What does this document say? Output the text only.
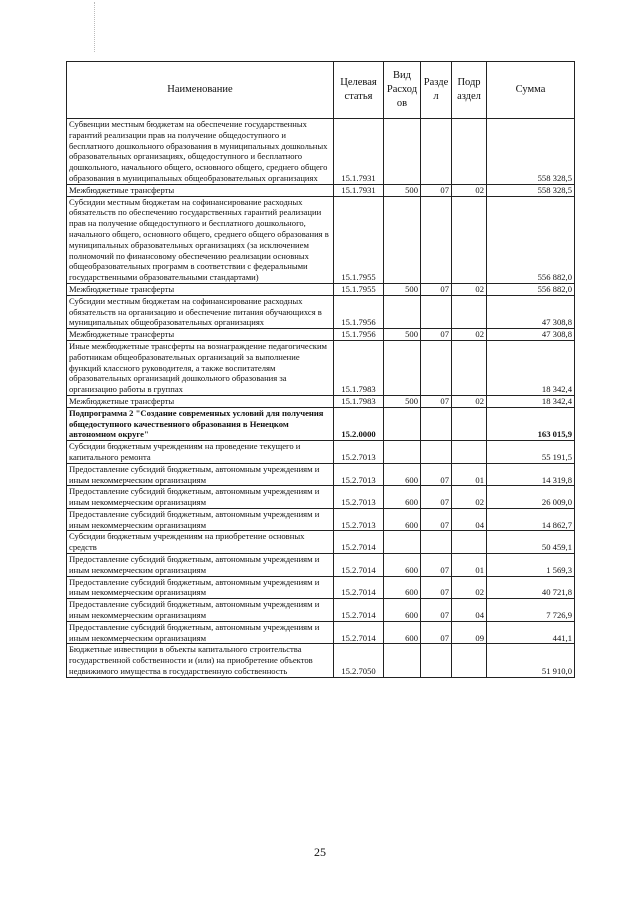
Наименование	Целевая статья	Вид Расход ов	Разде л	Подр аздел	Сумма
Субвенции местным бюджетам на обеспечение государственных гарантий реализации прав на получение общедоступного и бесплатного дошкольного образования в муниципальных дошкольных образовательных организациях, общедоступного и бесплатного дошкольного, начального общего, основного общего, среднего общего образования в муниципальных общеобразовательных организациях	15.1.7931				558 328,5
Межбюджетные трансферты	15.1.7931	500	07	02	558 328,5
Субсидии местным бюджетам на софинансирование расходных обязательств по обеспечению государственных гарантий реализации прав на получение общедоступного и бесплатного дошкольного, начального общего, основного общего, среднего общего образования в муниципальных образовательных организациях (за исключением полномочий по финансовому обеспечению реализации основных общеобразовательных программ в соответствии с федеральными государственными образовательными стандартами)	15.1.7955				556 882,0
Межбюджетные трансферты	15.1.7955	500	07	02	556 882,0
Субсидии местным бюджетам на софинансирование расходных обязательств на организацию и обеспечение питания обучающихся в муниципальных общеобразовательных организациях	15.1.7956				47 308,8
Межбюджетные трансферты	15.1.7956	500	07	02	47 308,8
Иные межбюджетные трансферты на вознаграждение педагогическим работникам общеобразовательных организаций за выполнение функций классного руководителя, а также воспитателям образовательных организаций дошкольного образования за организацию работы в группах	15.1.7983				18 342,4
Межбюджетные трансферты	15.1.7983	500	07	02	18 342,4
Подпрограмма 2 "Создание современных условий для получения общедоступного качественного образования в Ненецком автономном округе"	15.2.0000				163 015,9
Субсидии бюджетным учреждениям на проведение текущего и капитального ремонта	15.2.7013				55 191,5
Предоставление субсидий бюджетным, автономным учреждениям и иным некоммерческим организациям	15.2.7013	600	07	01	14 319,8
Предоставление субсидий бюджетным, автономным учреждениям и иным некоммерческим организациям	15.2.7013	600	07	02	26 009,0
Предоставление субсидий бюджетным, автономным учреждениям и иным некоммерческим организациям	15.2.7013	600	07	04	14 862,7
Субсидии бюджетным учреждениям на приобретение основных средств	15.2.7014				50 459,1
Предоставление субсидий бюджетным, автономным учреждениям и иным некоммерческим организациям	15.2.7014	600	07	01	1 569,3
Предоставление субсидий бюджетным, автономным учреждениям и иным некоммерческим организациям	15.2.7014	600	07	02	40 721,8
Предоставление субсидий бюджетным, автономным учреждениям и иным некоммерческим организациям	15.2.7014	600	07	04	7 726,9
Предоставление субсидий бюджетным, автономным учреждениям и иным некоммерческим организациям	15.2.7014	600	07	09	441,1
Бюджетные инвестиции в объекты капитального строительства государственной собственности и (или) на приобретение объектов недвижимого имущества в государственную собственность	15.2.7050				51 910,0
25
